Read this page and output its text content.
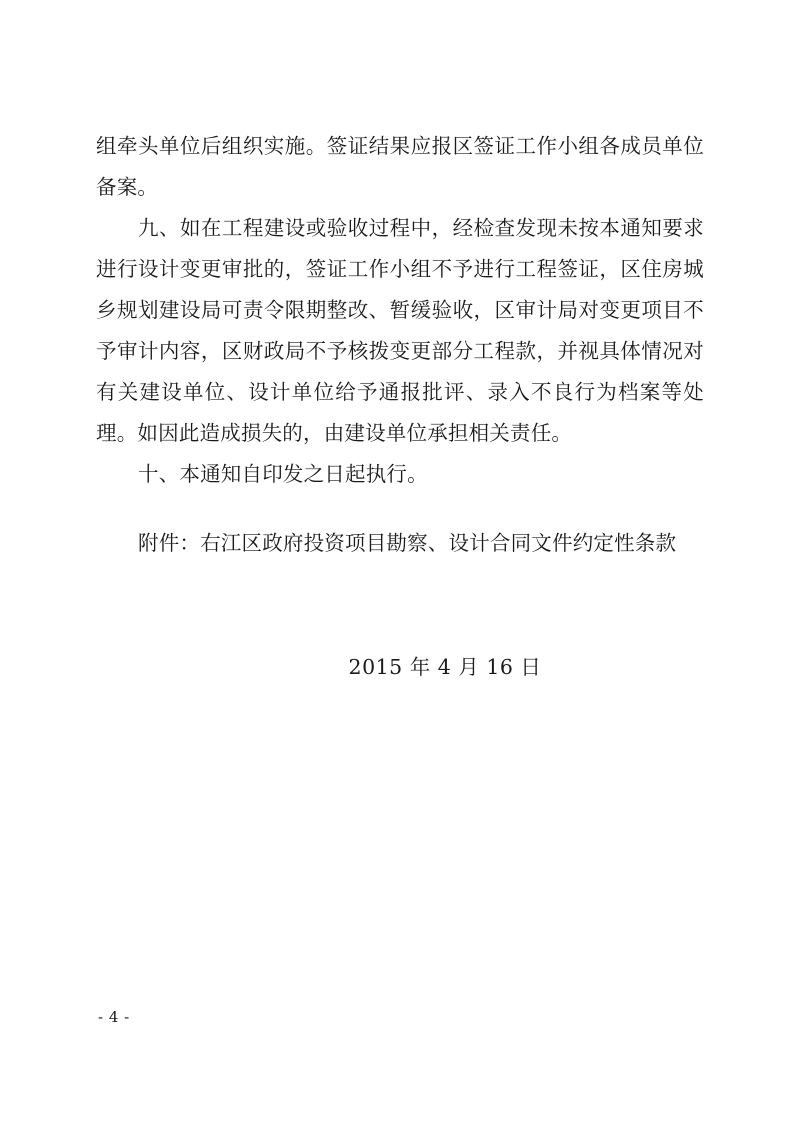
组牵头单位后组织实施。签证结果应报区签证工作小组各成员单位备案。
九、如在工程建设或验收过程中，经检查发现未按本通知要求进行设计变更审批的，签证工作小组不予进行工程签证，区住房城乡规划建设局可责令限期整改、暂缓验收，区审计局对变更项目不予审计内容，区财政局不予核拨变更部分工程款，并视具体情况对有关建设单位、设计单位给予通报批评、录入不良行为档案等处理。如因此造成损失的，由建设单位承担相关责任。
十、本通知自印发之日起执行。
附件：右江区政府投资项目勘察、设计合同文件约定性条款
2015 年 4 月 16 日
- 4 -
